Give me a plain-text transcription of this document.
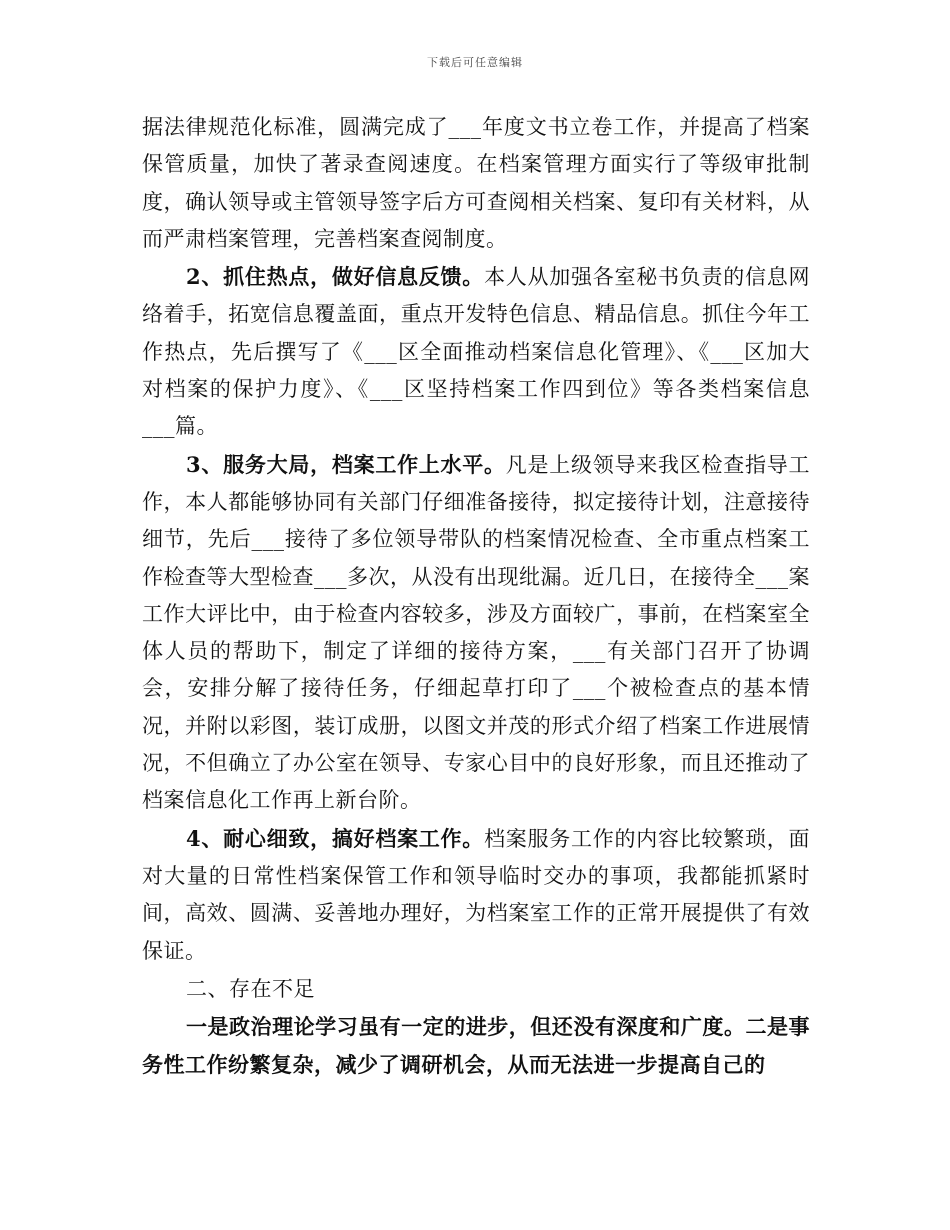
下载后可任意编辑

据法律规范化标准，圆满完成了___年度文书立卷工作，并提高了档案保管质量，加快了著录查阅速度。在档案管理方面实行了等级审批制度，确认领导或主管领导签字后方可查阅相关档案、复印有关材料，从而严肃档案管理，完善档案查阅制度。

2、抓住热点，做好信息反馈。本人从加强各室秘书负责的信息网络着手，拓宽信息覆盖面，重点开发特色信息、精品信息。抓住今年工作热点，先后撰写了《___区全面推动档案信息化管理》、《___区加大对档案的保护力度》、《___区坚持档案工作四到位》等各类档案信息___篇。

3、服务大局，档案工作上水平。凡是上级领导来我区检查指导工作，本人都能够协同有关部门仔细准备接待，拟定接待计划，注意接待细节，先后___接待了多位领导带队的档案情况检查、全市重点档案工作检查等大型检查___多次，从没有出现纰漏。近几日，在接待全___案工作大评比中，由于检查内容较多，涉及方面较广，事前，在档案室全体人员的帮助下，制定了详细的接待方案，___有关部门召开了协调会，安排分解了接待任务，仔细起草打印了___个被检查点的基本情况，并附以彩图，装订成册，以图文并茂的形式介绍了档案工作进展情况，不但确立了办公室在领导、专家心目中的良好形象，而且还推动了档案信息化工作再上新台阶。

4、耐心细致，搞好档案工作。档案服务工作的内容比较繁琐，面对大量的日常性档案保管工作和领导临时交办的事项，我都能抓紧时间，高效、圆满、妥善地办理好，为档案室工作的正常开展提供了有效保证。

二、存在不足

一是政治理论学习虽有一定的进步，但还没有深度和广度。二是事务性工作纷繁复杂，减少了调研机会，从而无法进一步提高自己的
